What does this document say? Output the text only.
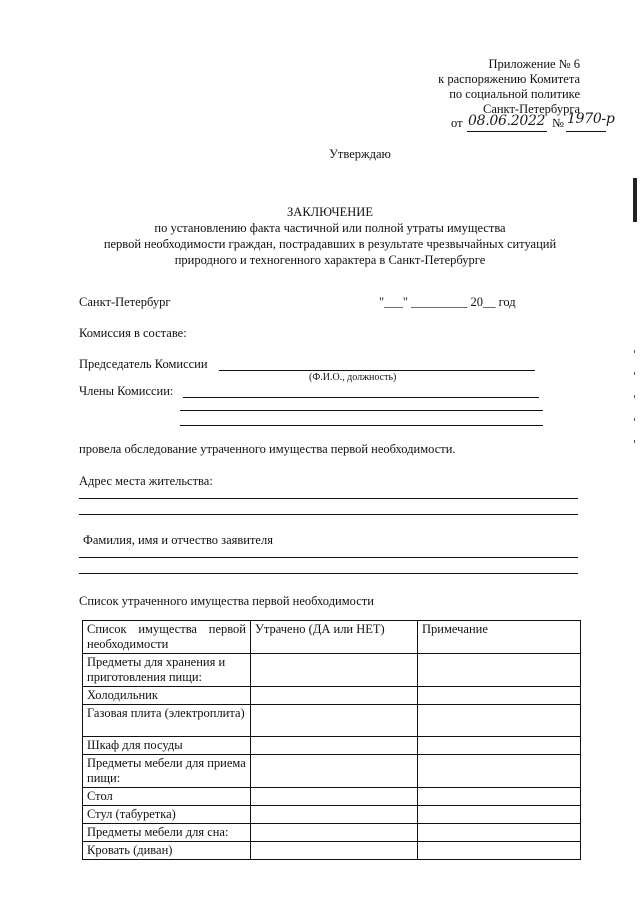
Приложение № 6
к распоряжению Комитета
по социальной политике
Санкт-Петербурга
от 08.06.2022 № 1970-р
Утверждаю
ЗАКЛЮЧЕНИЕ
по установлению факта частичной или полной утраты имущества
первой необходимости граждан, пострадавших в результате чрезвычайных ситуаций
природного и техногенного характера в Санкт-Петербурге
Санкт-Петербург	"___" _________ 20__ год
Комиссия в составе:
Председатель Комиссии
(Ф.И.О., должность)
Члены Комиссии:
провела обследование утраченного имущества первой необходимости.
Адрес места жительства:
Фамилия, имя и отчество заявителя
Список утраченного имущества первой необходимости
Список имущества первой необходимости	Утрачено (ДА или НЕТ)	Примечание
Предметы для хранения и приготовления пищи:		
Холодильник		
Газовая плита (электроплита)		
Шкаф для посуды		
Предметы мебели для приема пищи:		
Стол		
Стул (табуретка)		
Предметы мебели для сна:		
Кровать (диван)		
